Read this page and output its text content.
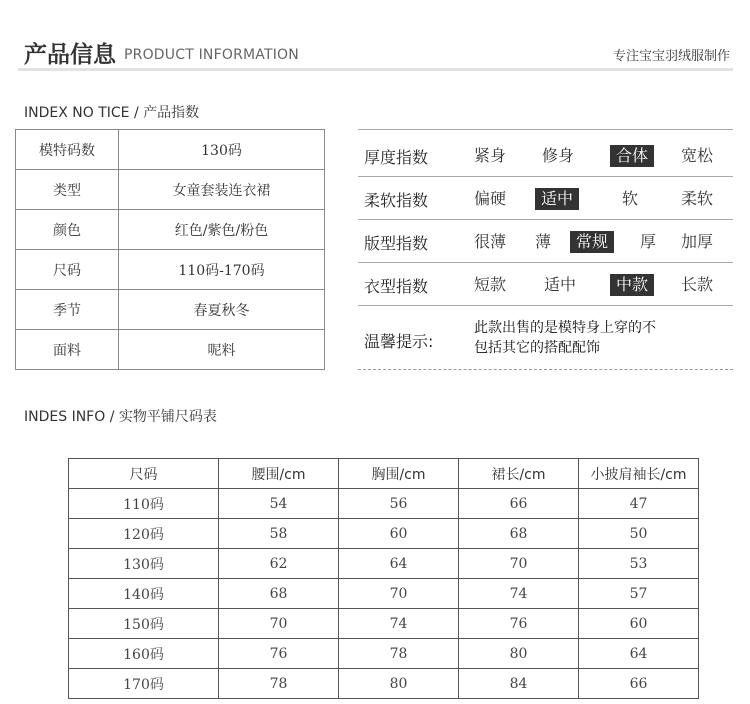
产品信息 PRODUCT INFORMATION	专注宝宝羽绒服制作
INDEX NO TICE / 产品指数
模特码数	130码
类型	女童套装连衣裙
颜色	红色/紫色/粉色
尺码	110码-170码
季节	春夏秋冬
面料	呢料
厚度指数	紧身 修身	合体	宽松
柔软指数	偏硬	适中	软	柔软
版型指数	很薄 薄	常规	厚 加厚
衣型指数	短款 适中	中款	长款
温馨提示:
此款出售的是模特身上穿的不
包括其它的搭配配饰
INDES INFO / 实物平铺尺码表
尺码	腰围/cm	胸围/cm	裙长/cm	小披肩袖长/cm
110码	54	56	66	47
120码	58	60	68	50
130码	62	64	70	53
140码	68	70	74	57
150码	70	74	76	60
160码	76	78	80	64
170码	78	80	84	66
